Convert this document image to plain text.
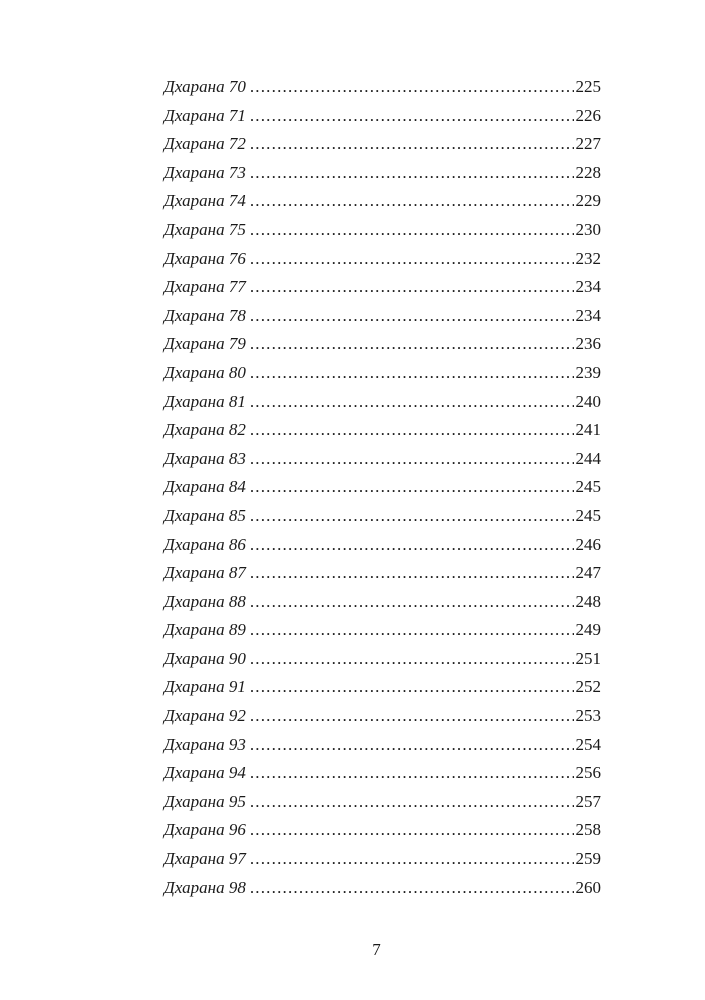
Дхарана 70 .....	225
Дхарана 71 .....	226
Дхарана 72 .....	227
Дхарана 73 .....	228
Дхарана 74 .....	229
Дхарана 75 .....	230
Дхарана 76 .....	232
Дхарана 77 .....	234
Дхарана 78 .....	234
Дхарана 79 .....	236
Дхарана 80 .....	239
Дхарана 81 .....	240
Дхарана 82 .....	241
Дхарана 83 .....	244
Дхарана 84 .....	245
Дхарана 85 .....	245
Дхарана 86 .....	246
Дхарана 87 .....	247
Дхарана 88 .....	248
Дхарана 89 .....	249
Дхарана 90 .....	251
Дхарана 91 .....	252
Дхарана 92 .....	253
Дхарана 93 .....	254
Дхарана 94 .....	256
Дхарана 95 .....	257
Дхарана 96 .....	258
Дхарана 97 .....	259
Дхарана 98 .....	260
7
